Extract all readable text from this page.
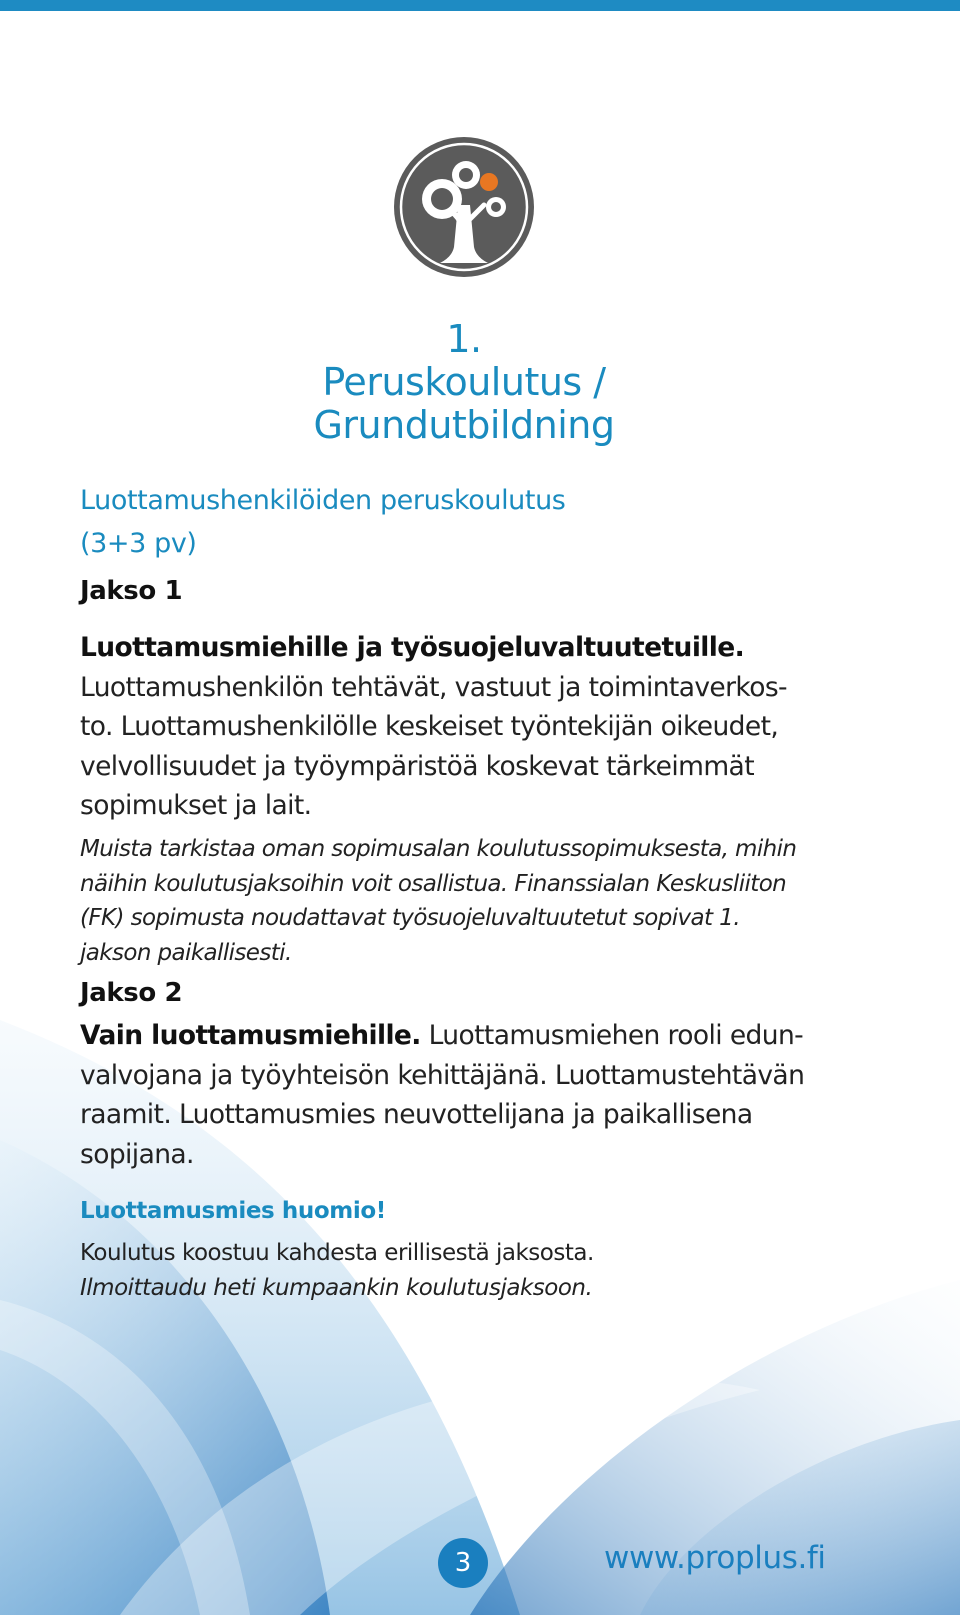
1.
Peruskoulutus /
Grundutbildning
Luottamushenkilöiden peruskoulutus
(3+3 pv)
Jakso 1
Luottamusmiehille ja työsuojeluvaltuutetuille.
Luottamushenkilön tehtävät, vastuut ja toimintaverkos-
to. Luottamushenkilölle keskeiset työntekijän oikeudet,
velvollisuudet ja työympäristöä koskevat tärkeimmät
sopimukset ja lait.
Muista tarkistaa oman sopimusalan koulutussopimuksesta, mihin
näihin koulutusjaksoihin voit osallistua. Finanssialan Keskusliiton
(FK) sopimusta noudattavat työsuojeluvaltuutetut sopivat 1.
jakson paikallisesti.
Jakso 2
Vain luottamusmiehille. Luottamusmiehen rooli edun-
valvojana ja työyhteisön kehittäjänä. Luottamustehtävän
raamit. Luottamusmies neuvottelijana ja paikallisena
sopijana.
Luottamusmies huomio!
Koulutus koostuu kahdesta erillisestä jaksosta.
Ilmoittaudu heti kumpaankin koulutusjaksoon.
3	www.proplus.fi
